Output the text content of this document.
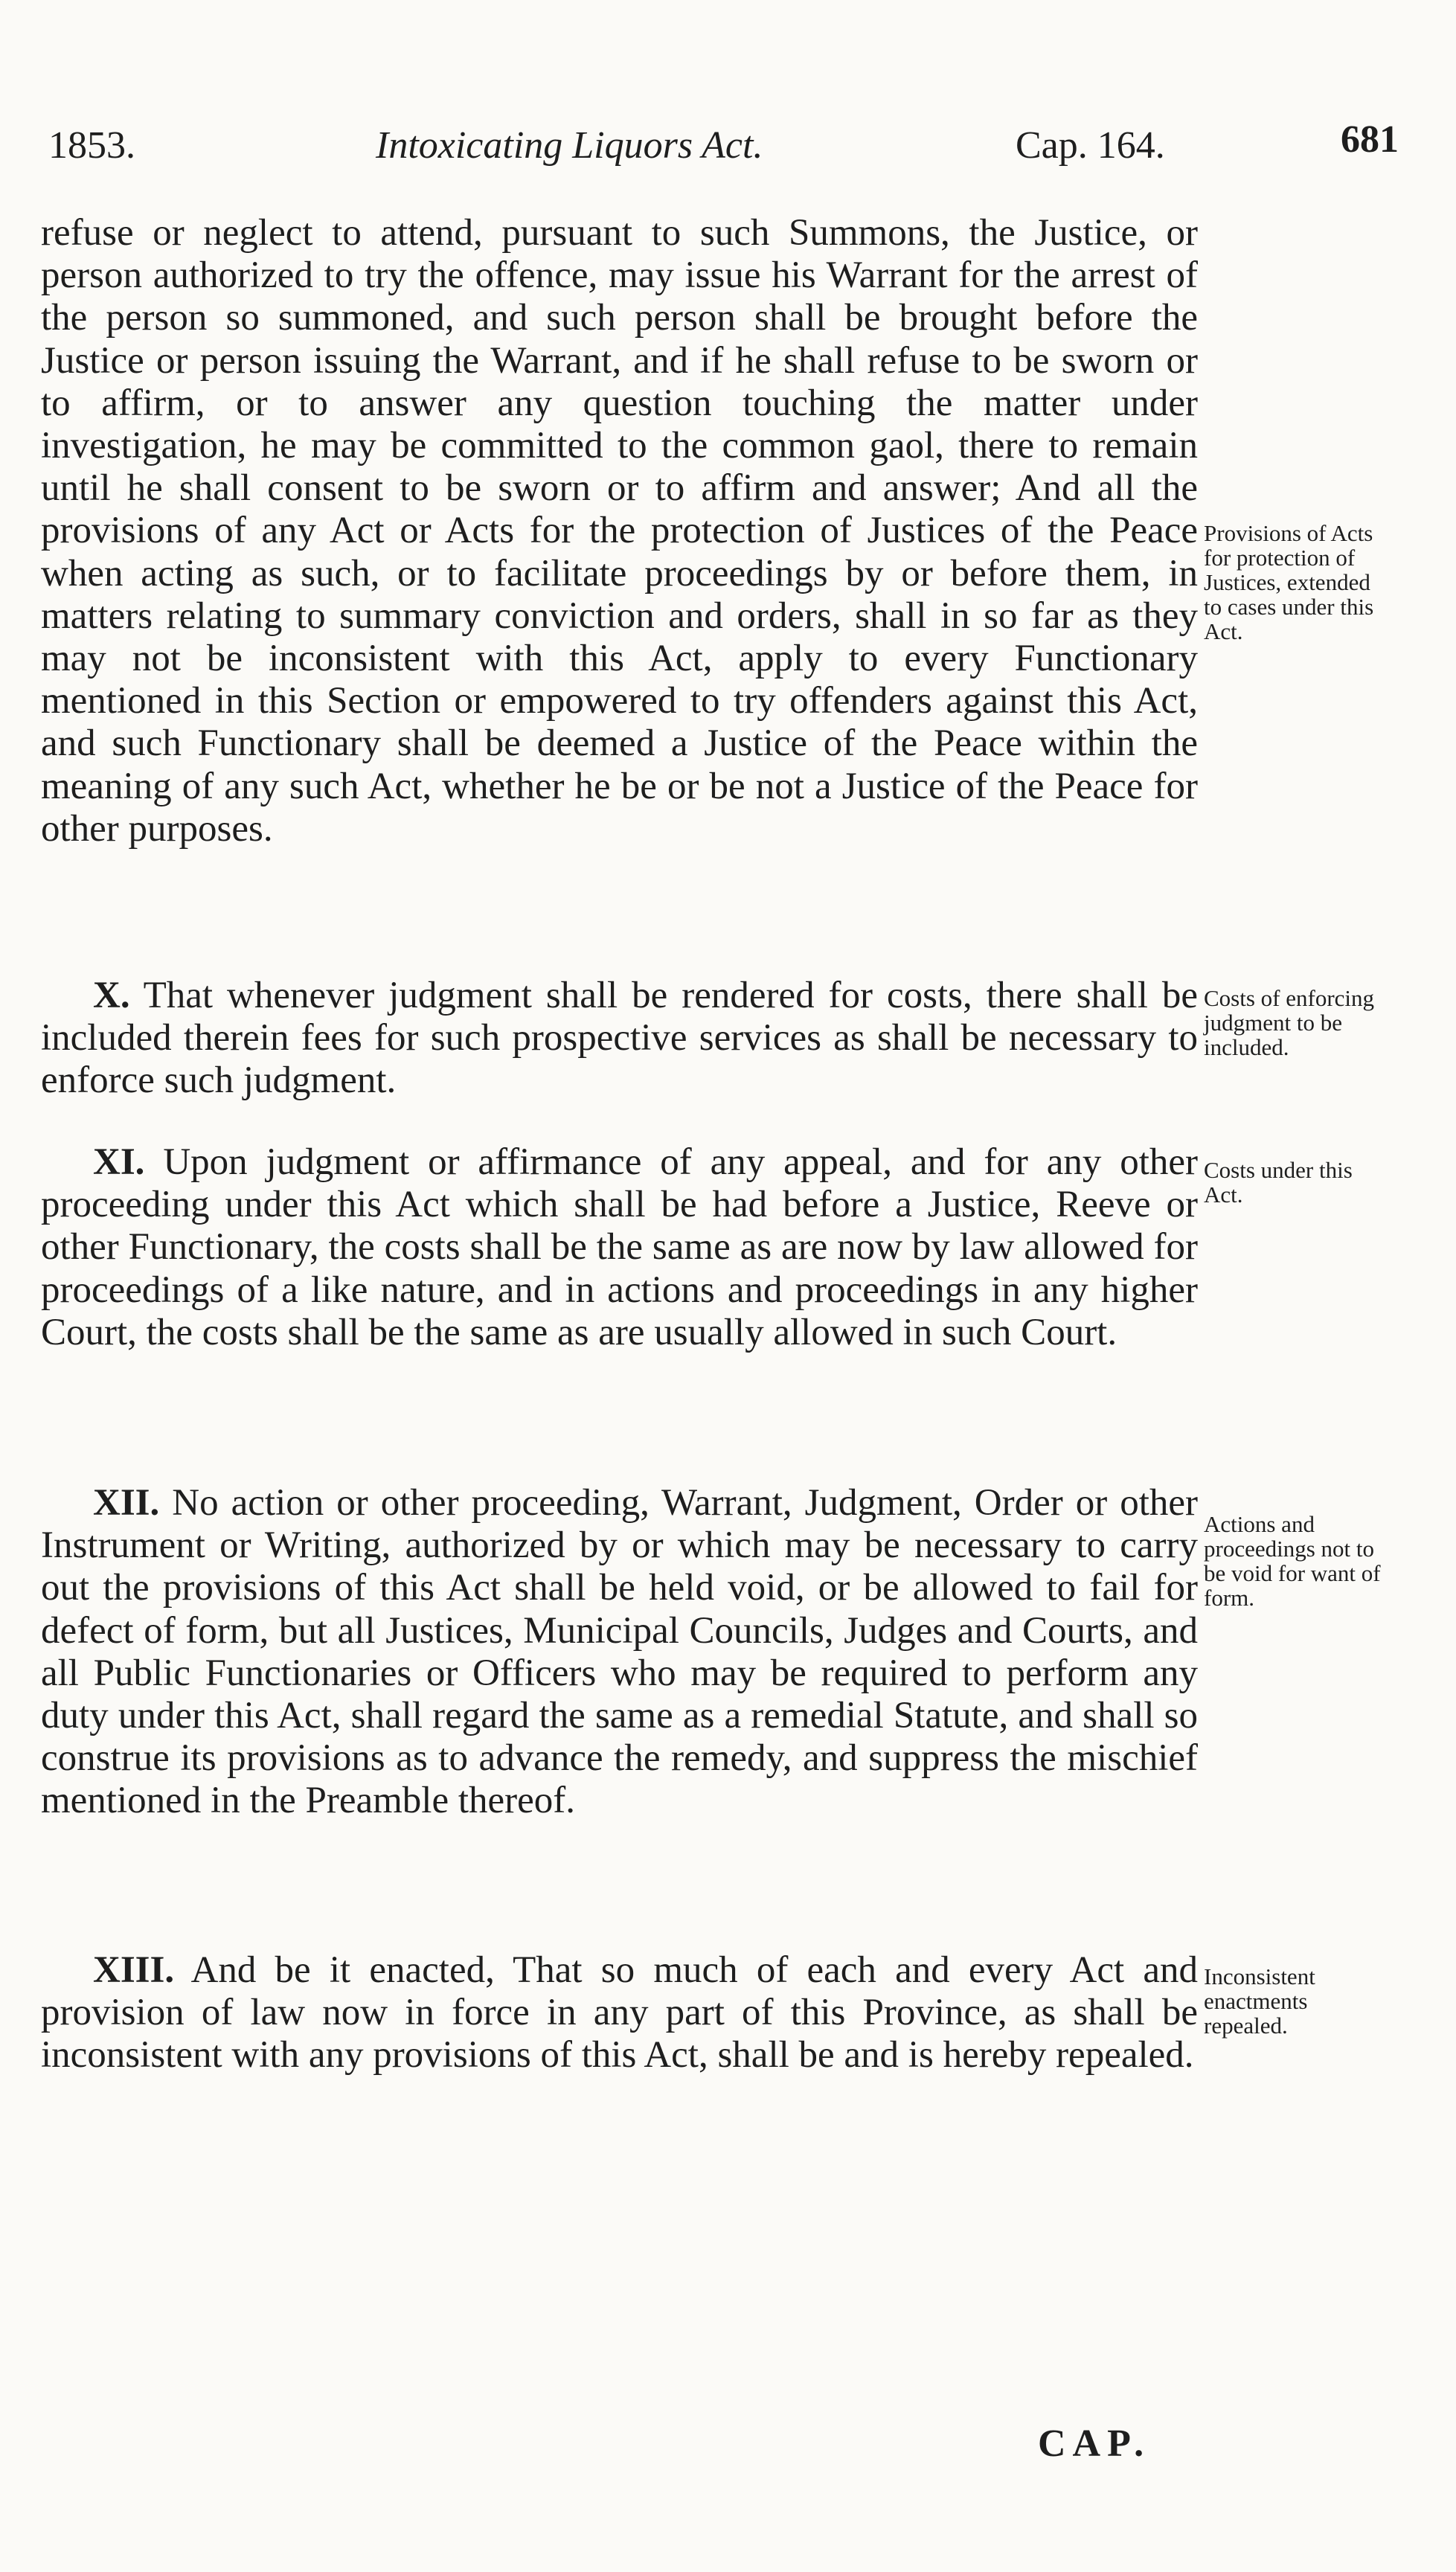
1853.	Intoxicating Liquors Act.	Cap. 164.	681

refuse or neglect to attend, pursuant to such Summons, the Justice, or person authorized to try the offence, may issue his Warrant for the arrest of the person so summoned, and such person shall be brought before the Justice or person issuing the Warrant, and if he shall refuse to be sworn or to affirm, or to answer any question touching the matter under investigation, he may be committed to the common gaol, there to remain until he shall consent to be sworn or to affirm and answer; And all the provisions of any Act or Acts for the protection of Justices of the Peace when acting as such, or to facilitate proceedings by or before them, in matters relating to summary conviction and orders, shall in so far as they may not be inconsistent with this Act, apply to every Functionary mentioned in this Section or empowered to try offenders against this Act, and such Functionary shall be deemed a Justice of the Peace within the meaning of any such Act, whether he be or be not a Justice of the Peace for other purposes.

X. That whenever judgment shall be rendered for costs, there shall be included therein fees for such prospective services as shall be necessary to enforce such judgment.

XI. Upon judgment or affirmance of any appeal, and for any other proceeding under this Act which shall be had before a Justice, Reeve or other Functionary, the costs shall be the same as are now by law allowed for proceedings of a like nature, and in actions and proceedings in any higher Court, the costs shall be the same as are usually allowed in such Court.

XII. No action or other proceeding, Warrant, Judgment, Order or other Instrument or Writing, authorized by or which may be necessary to carry out the provisions of this Act shall be held void, or be allowed to fail for defect of form, but all Justices, Municipal Councils, Judges and Courts, and all Public Functionaries or Officers who may be required to perform any duty under this Act, shall regard the same as a remedial Statute, and shall so construe its provisions as to advance the remedy, and suppress the mischief mentioned in the Preamble thereof.

XIII. And be it enacted, That so much of each and every Act and provision of law now in force in any part of this Province, as shall be inconsistent with any provisions of this Act, shall be and is hereby repealed.

Provisions of Acts for protection of Justices, extended to cases under this Act.
Costs of enforcing judgment to be included.
Costs under this Act.
Actions and proceedings not to be void for want of form.
Inconsistent enactments repealed.
CAP.
